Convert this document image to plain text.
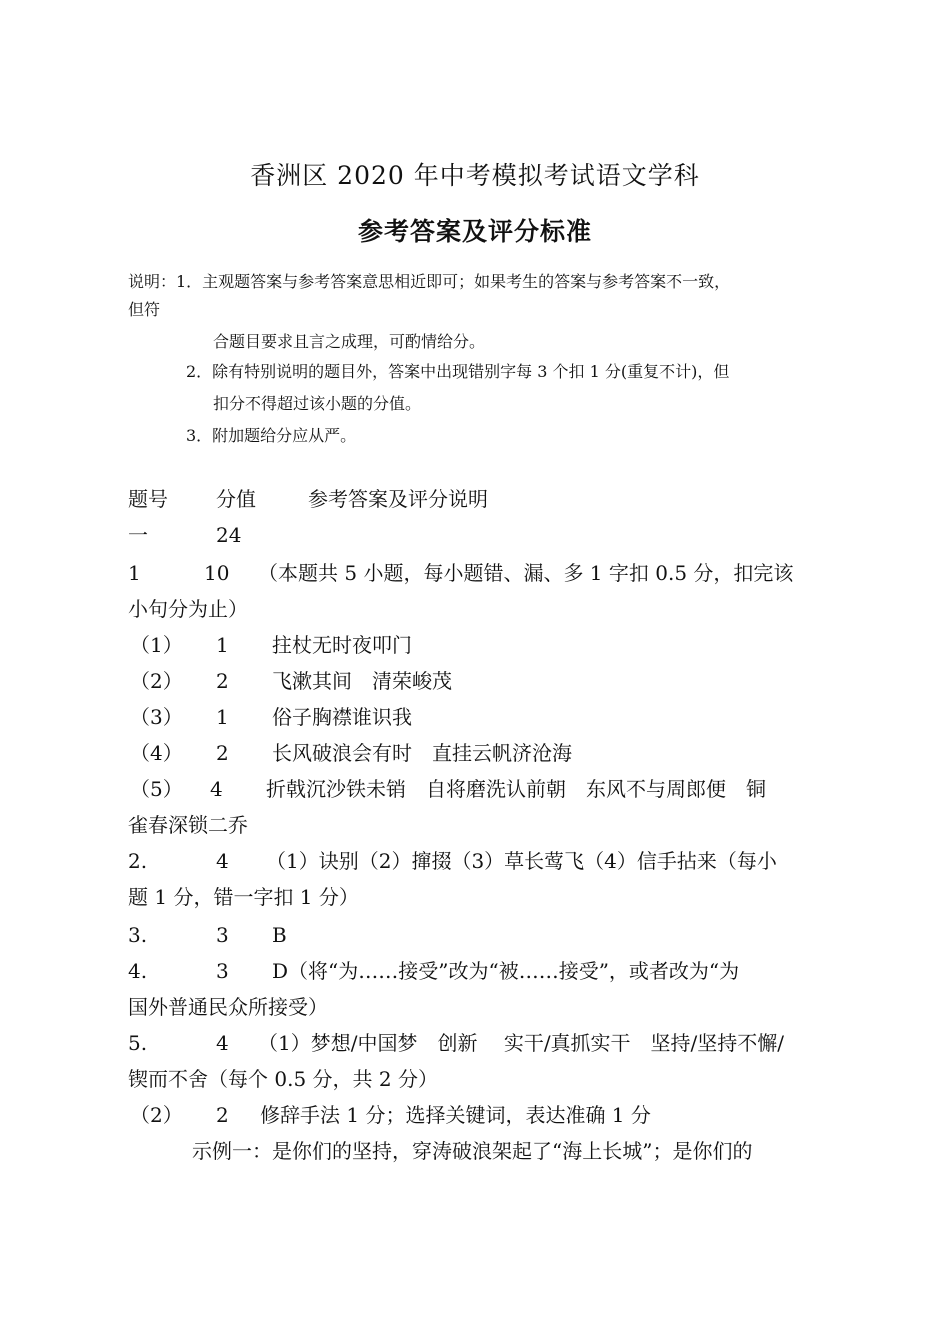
香洲区 2020 年中考模拟考试语文学科
参考答案及评分标准
说明：1．主观题答案与参考答案意思相近即可；如果考生的答案与参考答案不一致，
但符
合题目要求且言之成理，可酌情给分。
2．除有特别说明的题目外，答案中出现错别字每 3 个扣 1 分(重复不计)，但
扣分不得超过该小题的分值。
3．附加题给分应从严。
题号 分值	参考答案及评分说明
一	24
1	10 （本题共 5 小题，每小题错、漏、多 1 字扣 0.5 分，扣完该
小句分为止）
（1） 1 拄杖无时夜叩门
（2） 2 飞漱其间　清荣峻茂
（3） 1 俗子胸襟谁识我
（4） 2 长风破浪会有时　直挂云帆济沧海
（5） 4 折戟沉沙铁未销　自将磨洗认前朝　东风不与周郎便　铜
雀春深锁二乔
2.	4 （1）诀别（2）撺掇（3）草长莺飞（4）信手拈来（每小
题 1 分，错一字扣 1 分）
3.	3 B
4.	3 D（将“为……接受”改为“被……接受”，或者改为“为
国外普通民众所接受）
5.	4 （1）梦想/中国梦　创新　 实干/真抓实干　坚持/坚持不懈/
锲而不舍（每个 0.5 分，共 2 分）
（2） 2 修辞手法 1 分；选择关键词，表达准确 1 分
示例一：是你们的坚持，穿涛破浪架起了“海上长城”；是你们的
